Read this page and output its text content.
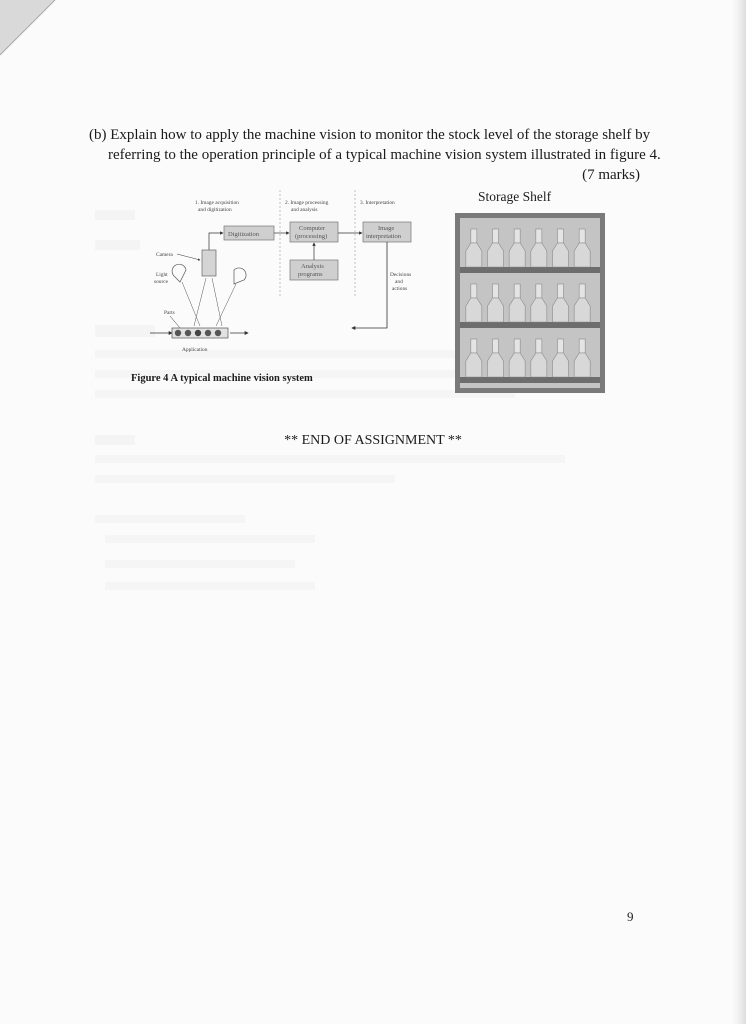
(b) Explain how to apply the machine vision to monitor the stock level of the storage shelf by
referring to the operation principle of a typical machine vision system illustrated in figure 4.
(7 marks)
1. Image acquisition
and digitization
2. Image processing
and analysis
3. Interpretation
Digitization
Computer
(processing)
Image
interpretation
Analysis
programs
Camera
Light
source
Parts
Application
Decisions
and
actions
Figure 4 A typical machine vision system
Storage Shelf
** END OF ASSIGNMENT **
9
